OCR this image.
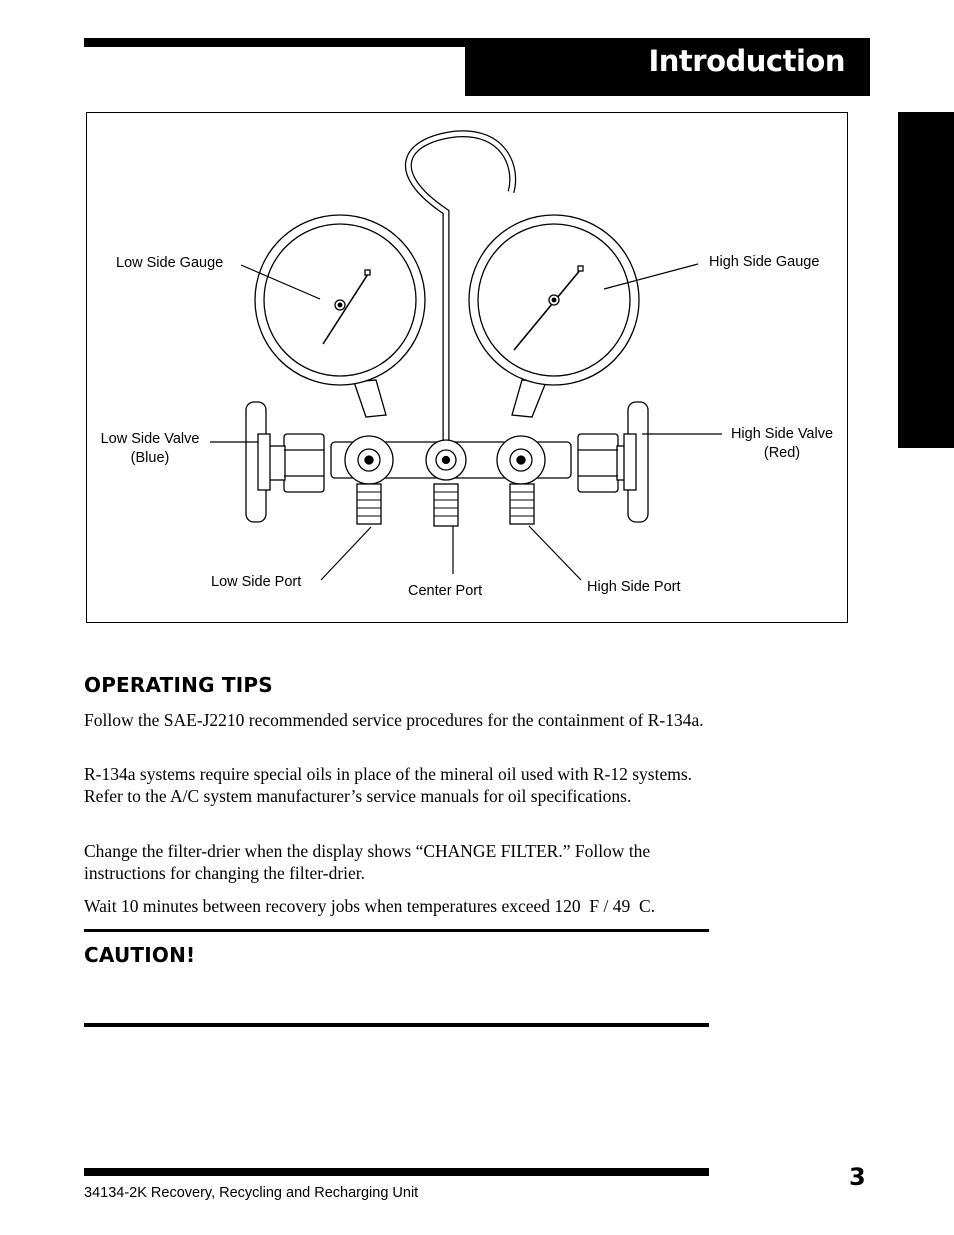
Introduction
Low Side Gauge	High Side Gauge
Low Side Valve
(Blue)
High Side Valve
(Red)
Low Side Port
Center Port	High Side Port
OPERATING TIPS
Follow the SAE-J2210 recommended service procedures for the containment of R-134a.
R-134a systems require special oils in place of the mineral oil used with R-12 systems. Refer to the A/C system manufacturer’s service manuals for oil specifications.
Change the filter-drier when the display shows “CHANGE FILTER.” Follow the instructions for changing the filter-drier.
Wait 10 minutes between recovery jobs when temperatures exceed 120  F / 49  C.
CAUTION!
34134-2K Recovery, Recycling and Recharging Unit
3
